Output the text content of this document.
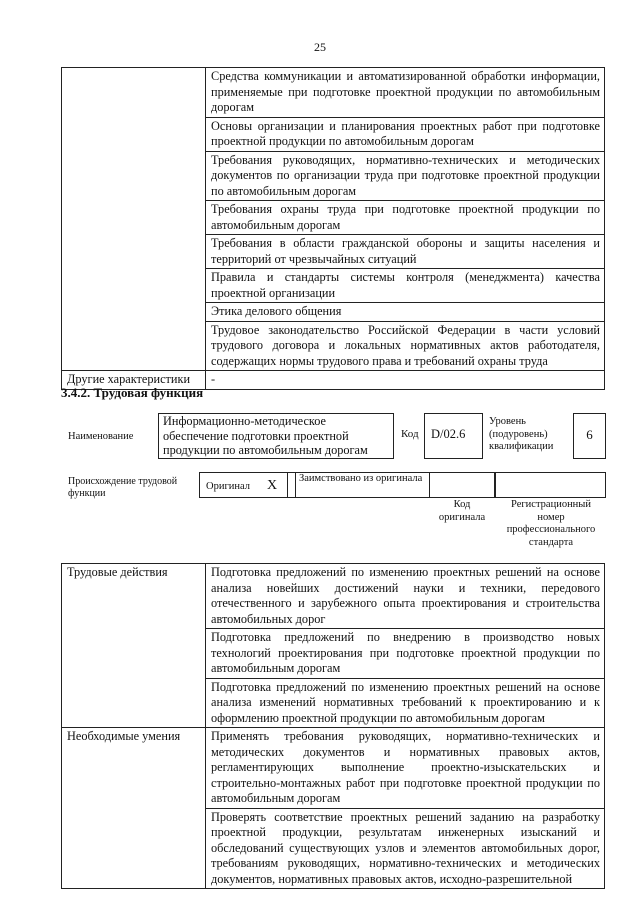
25
	Средства коммуникации и автоматизированной обработки информации, применяемые при подготовке проектной продукции по автомобильным дорогам
	Основы организации и планирования проектных работ при подготовке проектной продукции по автомобильным дорогам
	Требования руководящих, нормативно-технических и методических документов по организации труда при подготовке проектной продукции по автомобильным дорогам
	Требования охраны труда при подготовке проектной продукции по автомобильным дорогам
	Требования в области гражданской обороны и защиты населения и территорий от чрезвычайных ситуаций
	Правила и стандарты системы контроля (менеджмента) качества проектной организации
	Этика делового общения
	Трудовое законодательство Российской Федерации в части условий трудового договора и локальных нормативных актов работодателя, содержащих нормы трудового права и требований охраны труда
Другие характеристики	-
3.4.2. Трудовая функция
Наименование
Информационно-методическое обеспечение подготовки проектной продукции по автомобильным дорогам
Код D/02.6
Уровень (подуровень) квалификации
6
Происхождение трудовой функции
Оригинал X Заимствовано из оригинала
Код оригинала
Регистрационный номер профессионального стандарта
Трудовые действия	Подготовка предложений по изменению проектных решений на основе анализа новейших достижений науки и техники, передового отечественного и зарубежного опыта проектирования и строительства автомобильных дорог
	Подготовка предложений по внедрению в производство новых технологий проектирования при подготовке проектной продукции по автомобильным дорогам
	Подготовка предложений по изменению проектных решений на основе анализа изменений нормативных требований к проектированию и к оформлению проектной продукции по автомобильным дорогам
Необходимые умения	Применять требования руководящих, нормативно-технических и методических документов и нормативных правовых актов, регламентирующих выполнение проектно-изыскательских и строительно-монтажных работ при подготовке проектной продукции по автомобильным дорогам
	Проверять соответствие проектных решений заданию на разработку проектной продукции, результатам инженерных изысканий и обследований существующих узлов и элементов автомобильных дорог, требованиям руководящих, нормативно-технических и методических документов, нормативных правовых актов, исходно-разрешительной
